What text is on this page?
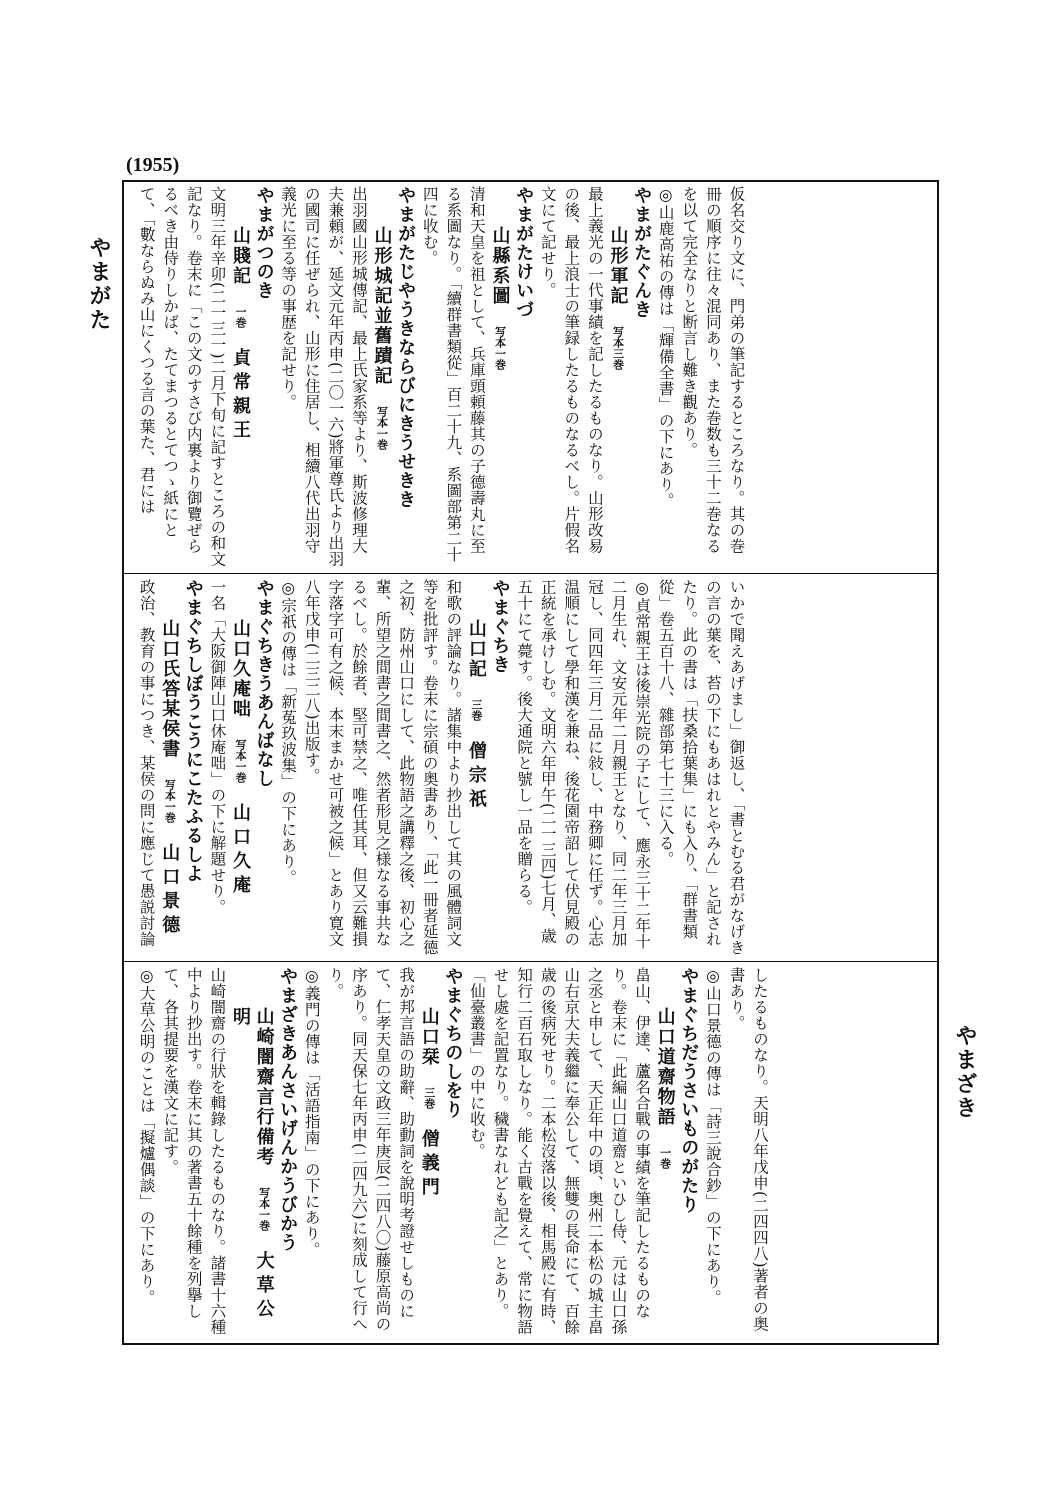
(1955)
やまがた
やまざき

仮名交り文に、門弟の筆記するところなり。其の巻冊の順序に往々混同あり、また巻数も三十二巻なるを以て完全なりと断言し難き觀あり。

◎山鹿高祐の傳は「輝備全書」の下にあり。

やまがたぐんき

山形軍記　写本三巻

最上義光の一代事績を記したるものなり。山形改易の後、最上浪士の筆録したるものなるべし。片假名文にて記せり。

やまがたけいづ

山縣系圖　写本一巻

清和天皇を祖として、兵庫頭頼藤其の子德壽丸に至る系圖なり。「續群書類從」百二十九、系圖部第二十四に收む。

やまがたじやうきならびにきうせきき

山形城記並舊蹟記　写本一巻

出羽國山形城傳記、最上氏家系等より、斯波修理大夫兼頼が、延文元年丙申(二〇一六)將軍尊氏より出羽の國司に任ぜられ、山形に住居し、相續八代出羽守義光に至る等の事歴を記せり。

やまがつのき

山賤記　一巻　貞常親王

文明三年辛卯(二一三一)二月下旬に記すところの和文記なり。卷末に「この文のすさび内裏より御覽ぜらるべき由侍りしかば、たてまつるとてつゝ紙にとて、「數ならぬみ山にくつる言の葉た、君には

いかで聞えあげまし」御返し、「書とむる君がなげきの言の葉を、苔の下にもあはれとやみん」と記されたり。此の書は「扶桑拾葉集」にも入り、「群書類從」卷五百十八、雜部第七十三に入る。

◎貞常親王は後崇光院の子にして、應永三十二年十二月生れ、文安元年二月親王となり、同二年三月加冠し、同四年三月二品に敍し、中務卿に任ず。心志温順にして學和漢を兼ね、後花園帝詔して伏見殿の正統を承けしむ。文明六年甲午(二一三四)七月、歳五十にて薨す。後大通院と號し一品を贈らる。

やまぐちき

山口記　三巻　僧宗祇

和歌の評論なり。諸集中より抄出して其の風體詞文等を批評す。卷末に宗碩の奥書あり、「此一冊者延德之初、防州山口にして、此物語之講釋之後、初心之輩、所望之間書之間書之、然者形見之様なる事共なるべし。於餘者、堅可禁之、唯任其耳、但又云難損字落字可有之候、本末まかせ可被之候」とあり寛文八年戊申(二三二八)出版す。

◎宗祇の傳は「新菟玖波集」の下にあり。

やまぐちきうあんばなし

山口久庵咄　写本一巻　山口久庵

一名「大阪御陣山口休庵咄」の下に解題せり。

やまぐちしぼうこうにこたふるしよ

山口氏答某侯書　写本一巻　山口景德

政治、教育の事につき、某侯の問に應じて愚説討論

したるものなり。天明八年戊申(二四四八)著者の奥書あり。

◎山口景德の傳は「詩三說合鈔」の下にあり。

やまぐちだうさいものがたり

山口道齋物語　一巻

畠山、伊達、蘆名合戰の事績を筆記したるものなり。卷末に「此編山口道齋といひし侍、元は山口孫之丞と申して、天正年中の頃、奥州二本松の城主畠山右京大夫義繼に奉公して、無雙の長命にて、百餘歳の後病死せり。二本松沒落以後、相馬殿に有時、知行二百石取しなり。能く古戰を覺えて、常に物語せし處を記置なり。穢書なれども記之」とあり。「仙臺叢書」の中に收む。

やまぐちのしをり

山口栞　三巻　僧義門

我が邦言語の助辭、助動詞を說明考證せしものにて、仁孝天皇の文政三年庚辰(二四八〇)藤原高尚の序あり。同天保七年丙申(二四九六)に刻成して行へり。

◎義門の傳は「活語指南」の下にあり。

やまざきあんさいげんかうびかう

山崎闇齋言行備考　写本一巻　大草公明

山崎闇齋の行狀を輯錄したるものなり。諸書十六種中より抄出す。卷末に其の著書五十餘種を列擧して、各其提要を漢文に記す。

◎大草公明のことは「擬爐偶談」の下にあり。
